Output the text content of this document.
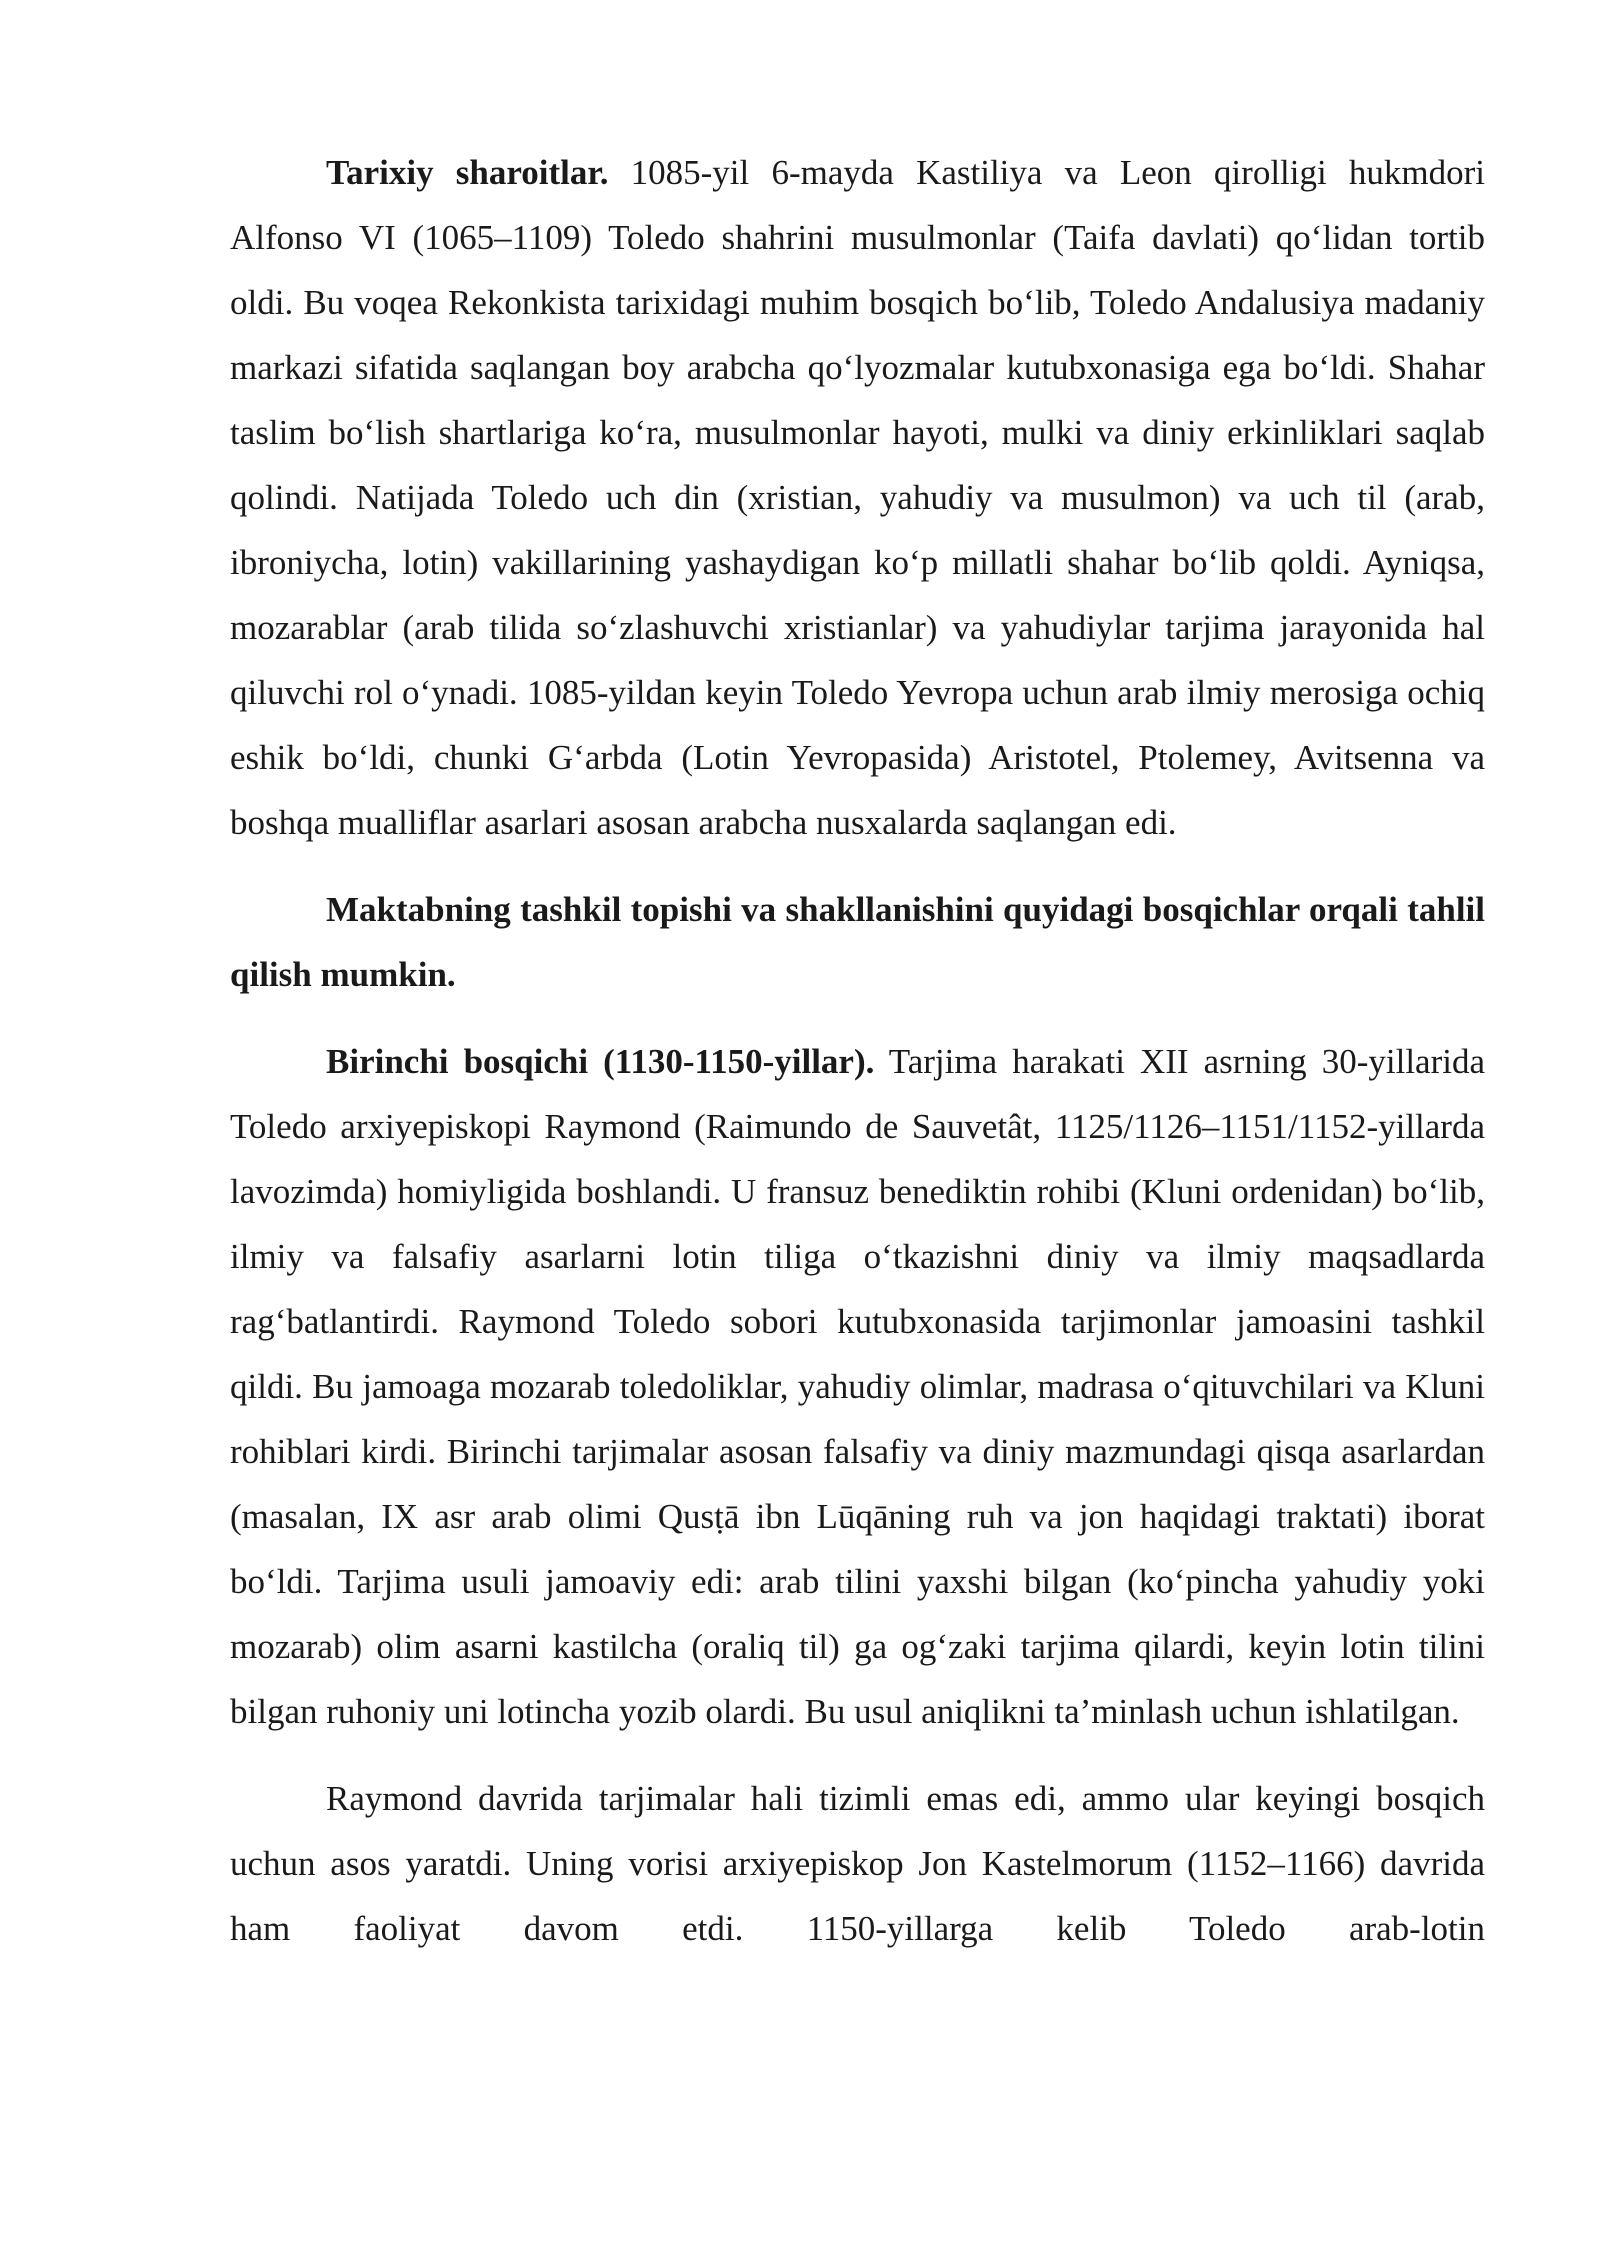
Tarixiy sharoitlar. 1085-yil 6-mayda Kastiliya va Leon qirolligi hukmdori Alfonso VI (1065–1109) Toledo shahrini musulmonlar (Taifa davlati) qo‘lidan tortib oldi. Bu voqea Rekonkista tarixidagi muhim bosqich bo‘lib, Toledo Andalusiya madaniy markazi sifatida saqlangan boy arabcha qo‘lyozmalar kutubxonasiga ega bo‘ldi. Shahar taslim bo‘lish shartlariga ko‘ra, musulmonlar hayoti, mulki va diniy erkinliklari saqlab qolindi. Natijada Toledo uch din (xristian, yahudiy va musulmon) va uch til (arab, ibroniycha, lotin) vakillarining yashaydigan ko‘p millatli shahar bo‘lib qoldi. Ayniqsa, mozarablar (arab tilida so‘zlashuvchi xristianlar) va yahudiylar tarjima jarayonida hal qiluvchi rol o‘ynadi. 1085-yildan keyin Toledo Yevropa uchun arab ilmiy merosiga ochiq eshik bo‘ldi, chunki G‘arbda (Lotin Yevropasida) Aristotel, Ptolemey, Avitsenna va boshqa mualliflar asarlari asosan arabcha nusxalarda saqlangan edi.

Maktabning tashkil topishi va shakllanishini quyidagi bosqichlar orqali tahlil qilish mumkin.

Birinchi bosqichi (1130-1150-yillar). Tarjima harakati XII asrning 30-yillarida Toledo arxiyepiskopi Raymond (Raimundo de Sauvetât, 1125/1126–1151/1152-yillarda lavozimda) homiyligida boshlandi. U fransuz benediktin rohibi (Kluni ordenidan) bo‘lib, ilmiy va falsafiy asarlarni lotin tiliga o‘tkazishni diniy va ilmiy maqsadlarda rag‘batlantirdi. Raymond Toledo sobori kutubxonasida tarjimonlar jamoasini tashkil qildi. Bu jamoaga mozarab toledoliklar, yahudiy olimlar, madrasa o‘qituvchilari va Kluni rohiblari kirdi. Birinchi tarjimalar asosan falsafiy va diniy mazmundagi qisqa asarlardan (masalan, IX asr arab olimi Qusṭā ibn Lūqāning ruh va jon haqidagi traktati) iborat bo‘ldi. Tarjima usuli jamoaviy edi: arab tilini yaxshi bilgan (ko‘pincha yahudiy yoki mozarab) olim asarni kastilcha (oraliq til) ga og‘zaki tarjima qilardi, keyin lotin tilini bilgan ruhoniy uni lotincha yozib olardi. Bu usul aniqlikni ta’minlash uchun ishlatilgan.

Raymond davrida tarjimalar hali tizimli emas edi, ammo ular keyingi bosqich uchun asos yaratdi. Uning vorisi arxiyepiskop Jon Kastelmorum (1152–1166) davrida ham faoliyat davom etdi. 1150-yillarga kelib Toledo arab-lotin
